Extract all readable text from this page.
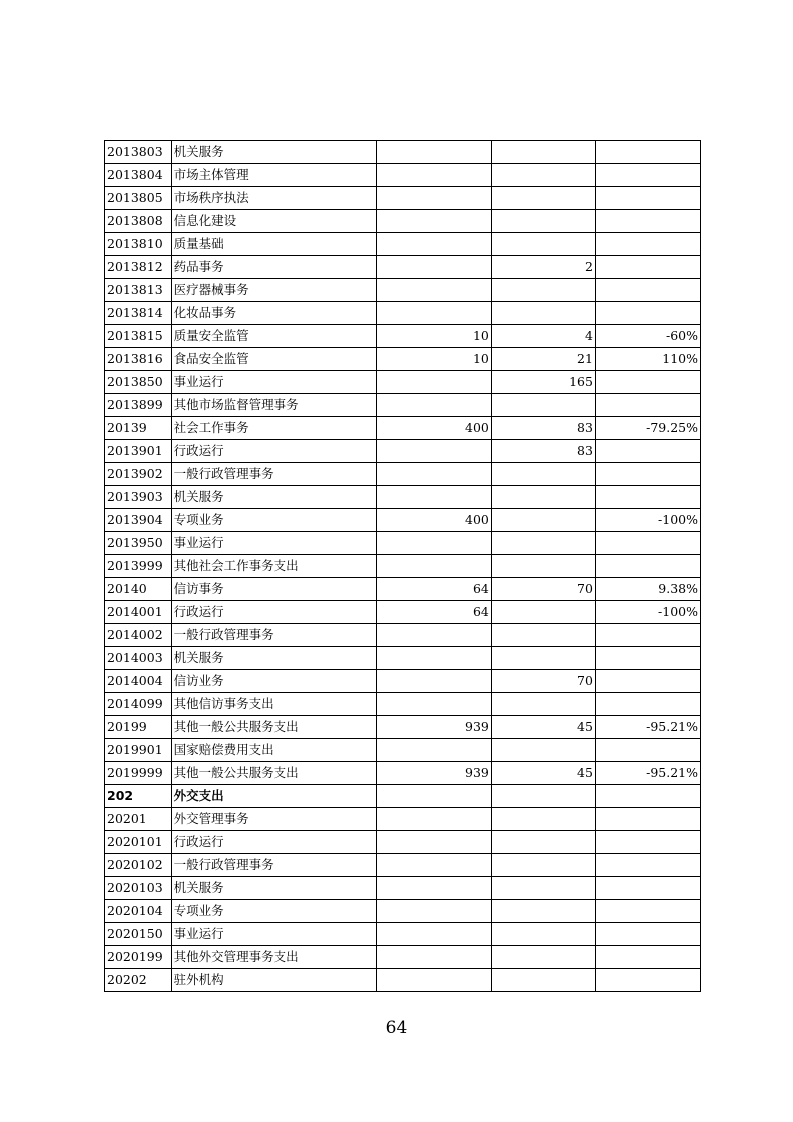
2013803	机关服务			
2013804	市场主体管理			
2013805	市场秩序执法			
2013808	信息化建设			
2013810	质量基础			
2013812	药品事务		2	
2013813	医疗器械事务			
2013814	化妆品事务			
2013815	质量安全监管	10	4	-60%
2013816	食品安全监管	10	21	110%
2013850	事业运行		165	
2013899	其他市场监督管理事务			
20139	社会工作事务	400	83	-79.25%
2013901	行政运行		83	
2013902	一般行政管理事务			
2013903	机关服务			
2013904	专项业务	400		-100%
2013950	事业运行			
2013999	其他社会工作事务支出			
20140	信访事务	64	70	9.38%
2014001	行政运行	64		-100%
2014002	一般行政管理事务			
2014003	机关服务			
2014004	信访业务		70	
2014099	其他信访事务支出			
20199	其他一般公共服务支出	939	45	-95.21%
2019901	国家赔偿费用支出			
2019999	其他一般公共服务支出	939	45	-95.21%
202	外交支出			
20201	外交管理事务			
2020101	行政运行			
2020102	一般行政管理事务			
2020103	机关服务			
2020104	专项业务			
2020150	事业运行			
2020199	其他外交管理事务支出			
20202	驻外机构			
64
